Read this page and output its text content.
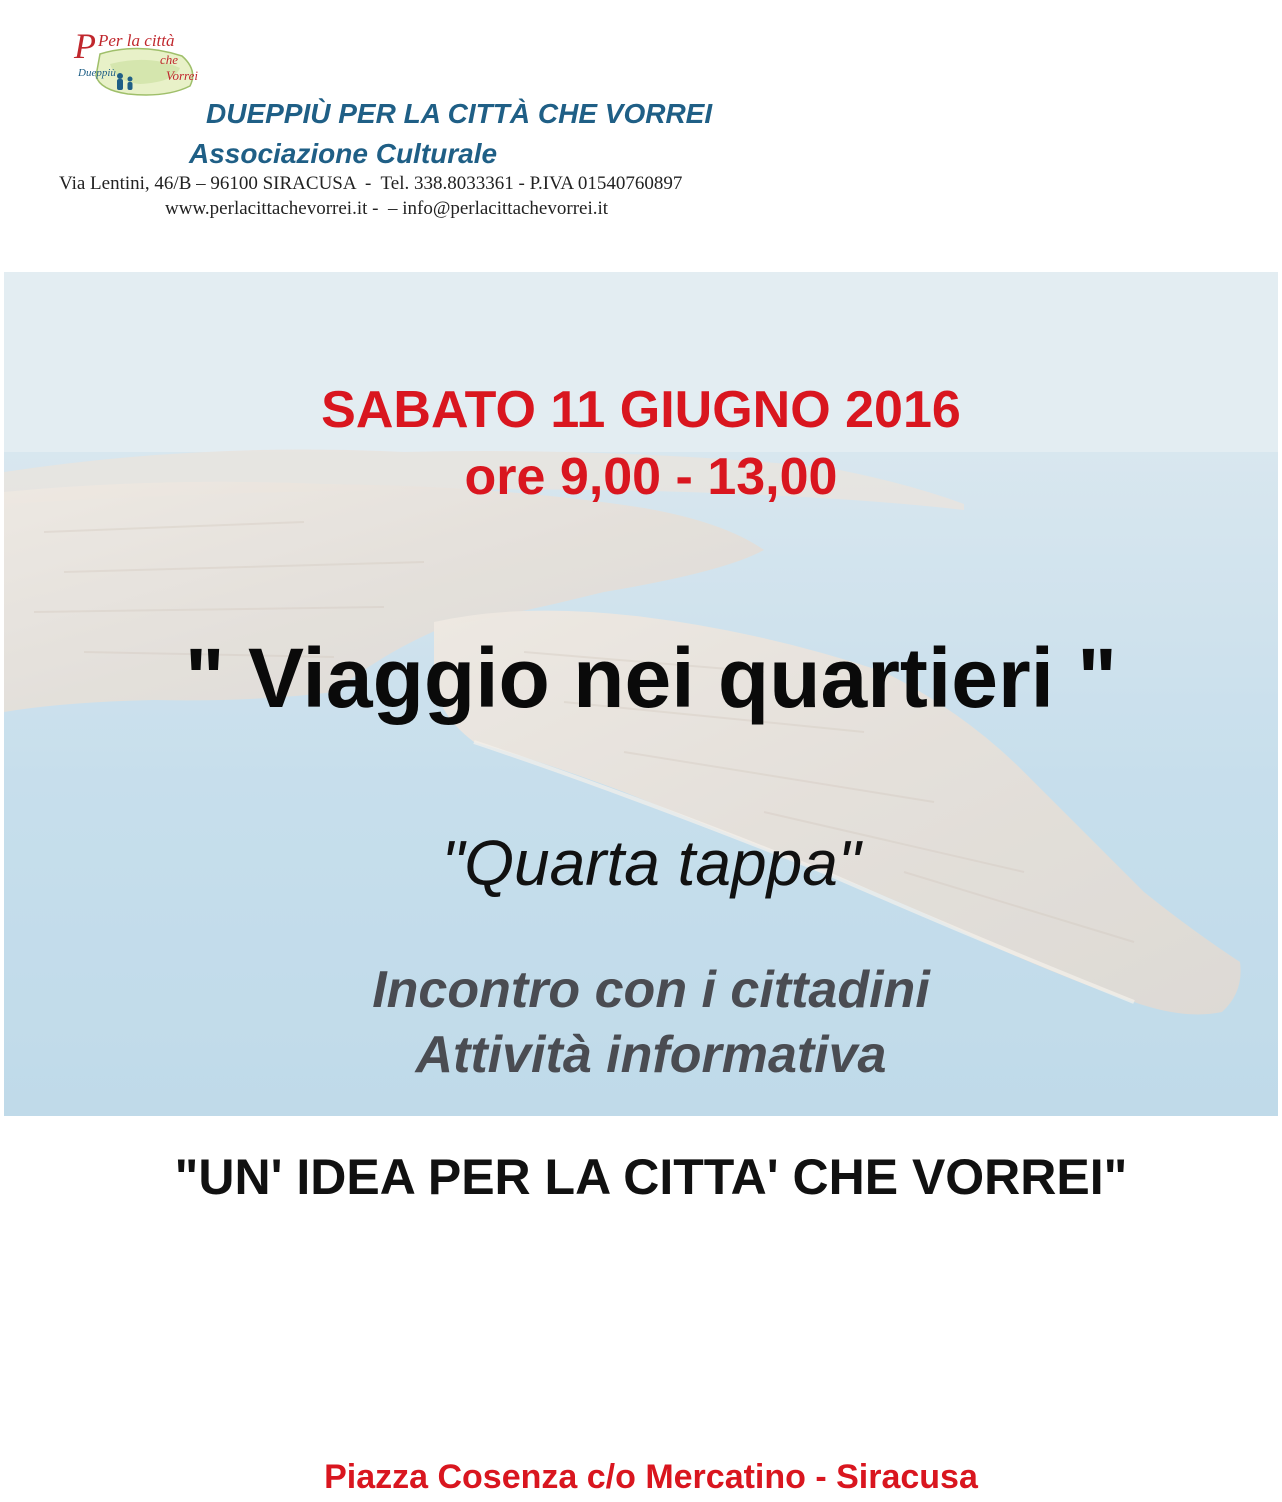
P Per la città
che
Vorrei
Dueppiù
DUEPPIÙ PER LA CITTÀ CHE VORREI
Associazione Culturale
Via Lentini, 46/B – 96100 SIRACUSA  -  Tel. 338.8033361 - P.IVA 01540760897
www.perlacittachevorrei.it -  – info@perlacittachevorrei.it
SABATO 11 GIUGNO 2016
ore 9,00 - 13,00
" Viaggio nei quartieri "
"Quarta tappa"
Incontro con i cittadini
Attività informativa
"UN' IDEA PER LA CITTA' CHE VORREI"
Piazza Cosenza c/o Mercatino - Siracusa
